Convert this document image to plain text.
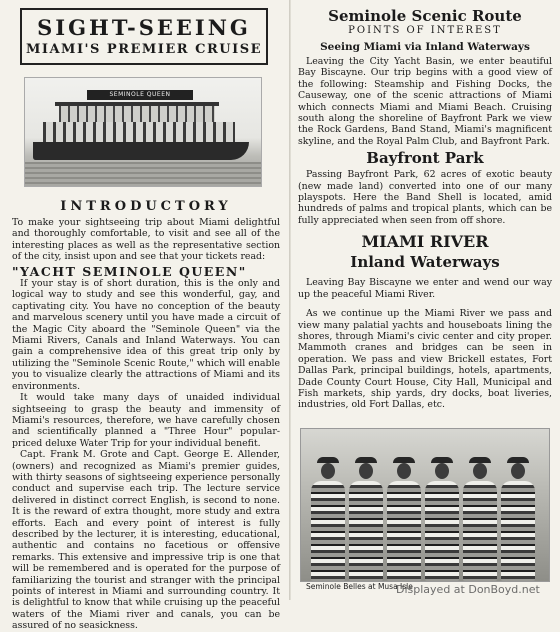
SIGHT-SEEING
MIAMI'S PREMIER CRUISE
SEMINOLE QUEEN
INTRODUCTORY

To make your sightseeing trip about Miami delightful and thoroughly comfortable, to visit and see all of the interesting places as well as the representative section of the city, insist upon and see that your tickets read:

"YACHT SEMINOLE QUEEN"

If your stay is of short duration, this is the only and logical way to study and see this wonderful, gay, and captivating city. You have no conception of the beauty and marvelous scenery until you have made a circuit of the Magic City aboard the "Seminole Queen" via the Miami Rivers, Canals and Inland Waterways. You can gain a comprehensive idea of this great trip only by utilizing the "Seminole Scenic Route," which will enable you to visualize clearly the attractions of Miami and its environments.

It would take many days of unaided individual sightseeing to grasp the beauty and immensity of Miami's resources, therefore, we have carefully chosen and scientifically planned a "Three Hour" popular-priced deluxe Water Trip for your individual benefit.

Capt. Frank M. Grote and Capt. George E. Allender, (owners) and recognized as Miami's premier guides, with thirty seasons of sightseeing experience personally conduct and supervise each trip. The lecture service delivered in distinct correct English, is second to none. It is the reward of extra thought, more study and extra efforts. Each and every point of interest is fully described by the lecturer, it is interesting, educational, authentic and contains no facetious or offensive remarks. This extensive and impressive trip is one that will be remembered and is operated for the purpose of familiarizing the tourist and stranger with the principal points of interest in Miami and surrounding country. It is delightful to know that while cruising up the peaceful waters of the Miami river and canals, you can be assured of no seasickness.

Seminole Scenic Route
POINTS OF INTEREST
Seeing Miami via Inland Waterways

Leaving the City Yacht Basin, we enter beautiful Bay Biscayne. Our trip begins with a good view of the following: Steamship and Fishing Docks, the Causeway, one of the scenic attractions of Miami which connects Miami and Miami Beach. Cruising south along the shoreline of Bayfront Park we view the Rock Gardens, Band Stand, Miami's magnificent skyline, and the Royal Palm Club, and Bayfront Park.

Bayfront Park

Passing Bayfront Park, 62 acres of exotic beauty (new made land) converted into one of our many playspots. Here the Band Shell is located, amid hundreds of palms and tropical plants, which can be fully appreciated when seen from off shore.

MIAMI RIVER
Inland Waterways

Leaving Bay Biscayne we enter and wend our way up the peaceful Miami River.

As we continue up the Miami River we pass and view many palatial yachts and houseboats lining the shores, through Miami's civic center and city proper. Mammoth cranes and bridges can be seen in operation. We pass and view Brickell estates, Fort Dallas Park, principal buildings, hotels, apartments, Dade County Court House, City Hall, Municipal and Fish markets, ship yards, dry docks, boat liveries, industries, old Fort Dallas, etc.

Seminole Belles at Musa Isle
Displayed at DonBoyd.net
